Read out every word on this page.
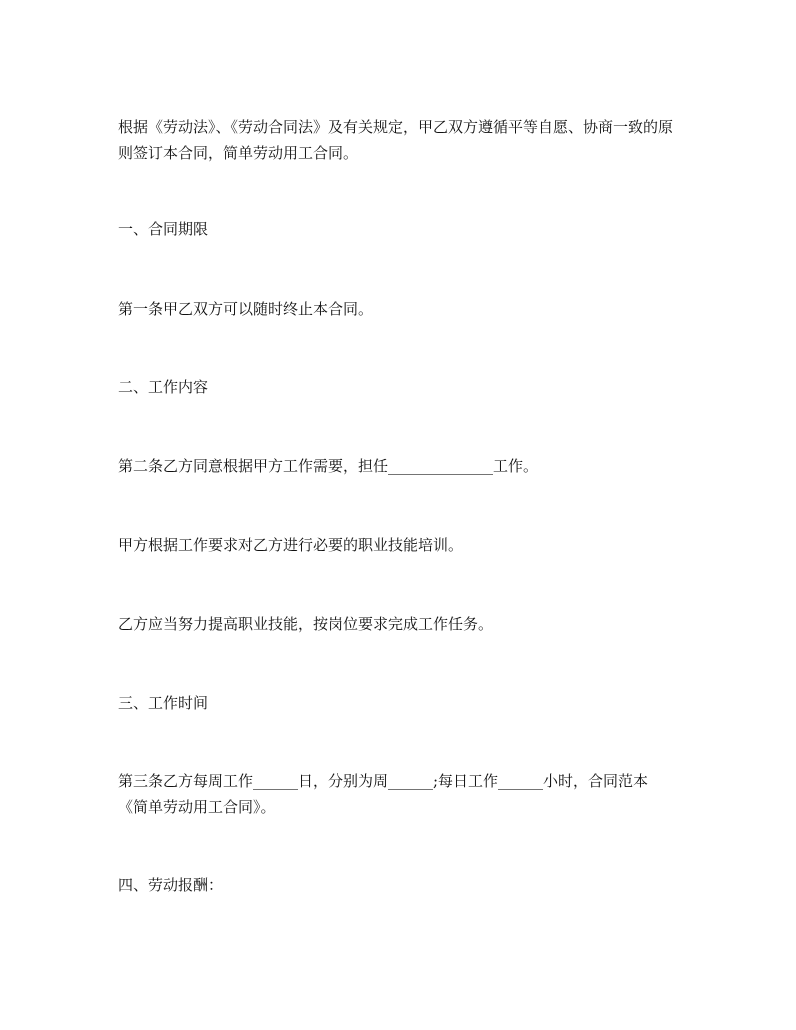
根据《劳动法》、《劳动合同法》及有关规定，甲乙双方遵循平等自愿、协商一致的原则签订本合同，简单劳动用工合同。

一、合同期限

第一条甲乙双方可以随时终止本合同。

二、工作内容

第二条乙方同意根据甲方工作需要，担任______________工作。

甲方根据工作要求对乙方进行必要的职业技能培训。

乙方应当努力提高职业技能，按岗位要求完成工作任务。

三、工作时间

第三条乙方每周工作______日，分别为周______;每日工作______小时，合同范本《简单劳动用工合同》。

四、劳动报酬：
